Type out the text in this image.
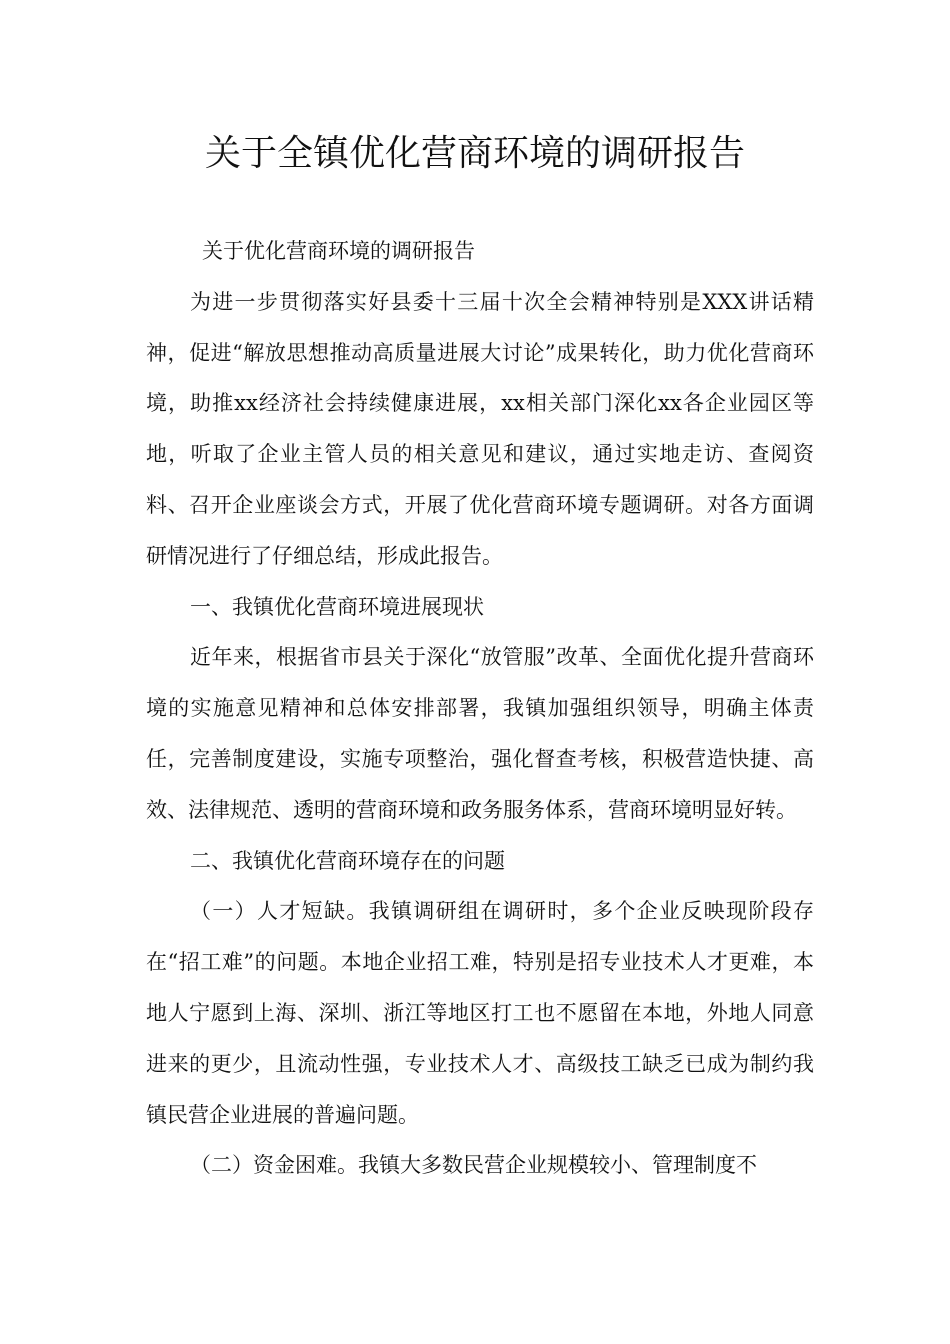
关于全镇优化营商环境的调研报告

关于优化营商环境的调研报告

为进一步贯彻落实好县委十三届十次全会精神特别是XXX讲话精神，促进“解放思想推动高质量进展大讨论”成果转化，助力优化营商环境，助推xx经济社会持续健康进展，xx相关部门深化xx各企业园区等地，听取了企业主管人员的相关意见和建议，通过实地走访、查阅资料、召开企业座谈会方式，开展了优化营商环境专题调研。对各方面调研情况进行了仔细总结，形成此报告。

一、我镇优化营商环境进展现状

近年来，根据省市县关于深化“放管服”改革、全面优化提升营商环境的实施意见精神和总体安排部署，我镇加强组织领导，明确主体责任，完善制度建设，实施专项整治，强化督查考核，积极营造快捷、高效、法律规范、透明的营商环境和政务服务体系，营商环境明显好转。

二、我镇优化营商环境存在的问题

（一）人才短缺。我镇调研组在调研时，多个企业反映现阶段存在“招工难”的问题。本地企业招工难，特别是招专业技术人才更难，本地人宁愿到上海、深圳、浙江等地区打工也不愿留在本地，外地人同意进来的更少，且流动性强，专业技术人才、高级技工缺乏已成为制约我镇民营企业进展的普遍问题。

（二）资金困难。我镇大多数民营企业规模较小、管理制度不
